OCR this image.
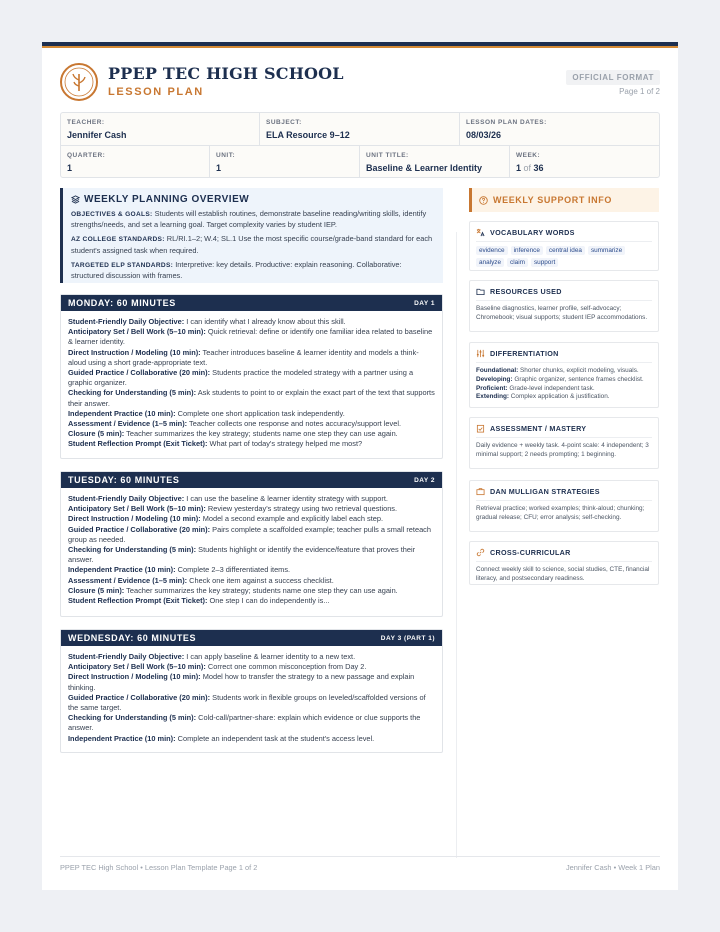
PPEP TEC HIGH SCHOOL
LESSON PLAN
OFFICIAL FORMAT
Page 1 of 2
TEACHER:
Jennifer Cash
SUBJECT:
ELA Resource 9–12
LESSON PLAN DATES:
08/03/26
QUARTER:
1
UNIT:
1
UNIT TITLE:
Baseline & Learner Identity
WEEK:
1 of 36
WEEKLY PLANNING OVERVIEW
OBJECTIVES & GOALS: Students will establish routines, demonstrate baseline reading/writing skills, identify strengths/needs, and set a learning goal. Target complexity varies by student IEP.
AZ COLLEGE STANDARDS: RL/RI.1–2; W.4; SL.1 Use the most specific course/grade-band standard for each student's assigned task when required.
TARGETED ELP STANDARDS: Interpretive: key details. Productive: explain reasoning. Collaborative: structured discussion with frames.
MONDAY: 60 MINUTES	DAY 1
Student-Friendly Daily Objective: I can identify what I already know about this skill.
Anticipatory Set / Bell Work (5–10 min): Quick retrieval: define or identify one familiar idea related to baseline & learner identity.
Direct Instruction / Modeling (10 min): Teacher introduces baseline & learner identity and models a think-aloud using a short grade-appropriate text.
Guided Practice / Collaborative (20 min): Students practice the modeled strategy with a partner using a graphic organizer.
Checking for Understanding (5 min): Ask students to point to or explain the exact part of the text that supports their answer.
Independent Practice (10 min): Complete one short application task independently.
Assessment / Evidence (1–5 min): Teacher collects one response and notes accuracy/support level.
Closure (5 min): Teacher summarizes the key strategy; students name one step they can use again.
Student Reflection Prompt (Exit Ticket): What part of today's strategy helped me most?
TUESDAY: 60 MINUTES	DAY 2
Student-Friendly Daily Objective: I can use the baseline & learner identity strategy with support.
Anticipatory Set / Bell Work (5–10 min): Review yesterday's strategy using two retrieval questions.
Direct Instruction / Modeling (10 min): Model a second example and explicitly label each step.
Guided Practice / Collaborative (20 min): Pairs complete a scaffolded example; teacher pulls a small reteach group as needed.
Checking for Understanding (5 min): Students highlight or identify the evidence/feature that proves their answer.
Independent Practice (10 min): Complete 2–3 differentiated items.
Assessment / Evidence (1–5 min): Check one item against a success checklist.
Closure (5 min): Teacher summarizes the key strategy; students name one step they can use again.
Student Reflection Prompt (Exit Ticket): One step I can do independently is...
WEDNESDAY: 60 MINUTES	DAY 3 (PART 1)
Student-Friendly Daily Objective: I can apply baseline & learner identity to a new text.
Anticipatory Set / Bell Work (5–10 min): Correct one common misconception from Day 2.
Direct Instruction / Modeling (10 min): Model how to transfer the strategy to a new passage and explain thinking.
Guided Practice / Collaborative (20 min): Students work in flexible groups on leveled/scaffolded versions of the same target.
Checking for Understanding (5 min): Cold-call/partner-share: explain which evidence or clue supports the answer.
Independent Practice (10 min): Complete an independent task at the student's access level.
WEEKLY SUPPORT INFO
VOCABULARY WORDS
evidence	inference	central idea	summarize
analyze	claim	support
RESOURCES USED
Baseline diagnostics, learner profile, self-advocacy; Chromebook; visual supports; student IEP accommodations.
DIFFERENTIATION
Foundational: Shorter chunks, explicit modeling, visuals.
Developing: Graphic organizer, sentence frames checklist.
Proficient: Grade-level independent task.
Extending: Complex application & justification.
ASSESSMENT / MASTERY
Daily evidence + weekly task. 4-point scale: 4 independent; 3 minimal support; 2 needs prompting; 1 beginning.
DAN MULLIGAN STRATEGIES
Retrieval practice; worked examples; think-aloud; chunking; gradual release; CFU; error analysis; self-checking.
CROSS-CURRICULAR
Connect weekly skill to science, social studies, CTE, financial literacy, and postsecondary readiness.
PPEP TEC High School • Lesson Plan Template Page 1 of 2	Jennifer Cash • Week 1 Plan
